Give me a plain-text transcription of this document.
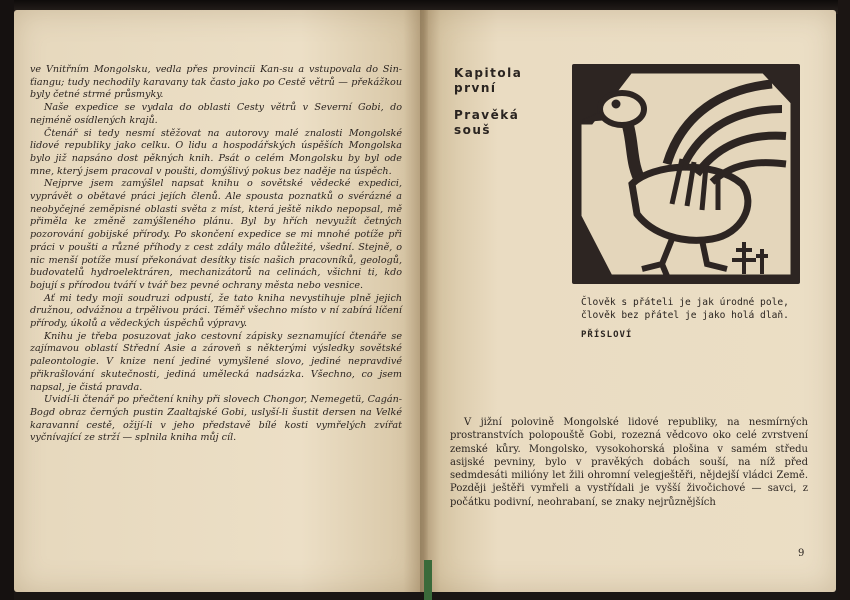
ve Vnitřním Mongolsku, vedla přes provincii Kan-su a vstupovala do Sin-ťiangu; tudy nechodily karavany tak často jako po Cestě větrů — překážkou byly četné strmé průsmyky.

Naše expedice se vydala do oblasti Cesty větrů v Severní Gobi, do nejméně osídlených krajů.

Čtenář si tedy nesmí stěžovat na autorovy malé znalosti Mongolské lidové republiky jako celku. O lidu a hospodářských úspěších Mongolska bylo již napsáno dost pěkných knih. Psát o celém Mongolsku by byl ode mne, který jsem pracoval v poušti, domýšlivý pokus bez naděje na úspěch.

Nejprve jsem zamýšlel napsat knihu o sovětské vědecké expedici, vyprávět o obětavé práci jejích členů. Ale spousta poznatků o svérázné a neobyčejné zeměpisné oblasti světa z míst, která ještě nikdo nepopsal, mě přiměla ke změně zamýšleného plánu. Byl by hřích nevyužít četných pozorování gobijské přírody. Po skončení expedice se mi mnohé potíže při práci v poušti a různé příhody z cest zdály málo důležité, všední. Stejně, o nic menší potíže musí překonávat desítky tisíc našich pracovníků, geologů, budovatelů hydroelektráren, mechanizátorů na celinách, všichni ti, kdo bojují s přírodou tváří v tvář bez pevné ochrany města nebo vesnice.

Ať mi tedy moji soudruzi odpustí, že tato kniha nevystihuje plně jejich družnou, odvážnou a trpělivou práci. Téměř všechno místo v ní zabírá líčení přírody, úkolů a vědeckých úspěchů výpravy.

Knihu je třeba posuzovat jako cestovní zápisky seznamující čtenáře se zajímavou oblastí Střední Asie a zároveň s některými výsledky sovětské paleontologie. V knize není jediné vymyšlené slovo, jediné nepravdivé přikrašlování skutečnosti, jediná umělecká nadsázka. Všechno, co jsem napsal, je čistá pravda.

Uvidí-li čtenář po přečtení knihy při slovech Chongor, Nemegetü, Cagán-Bogd obraz černých pustin Zaaltajské Gobi, uslyší-li šustit dersen na Velké karavanní cestě, ožijí-li v jeho představě bílé kosti vymřelých zvířat vyčnívající ze strží — splnila kniha můj cíl.

Kapitola první
Pravěká souš
Člověk s přáteli je jak úrodné pole,
člověk bez přátel je jako holá dlaň.
PŘÍSLOVÍ

V jižní polovině Mongolské lidové republiky, na nesmírných prostranstvích polopouště Gobi, rozezná vědcovo oko celé zvrstvení zemské kůry. Mongolsko, vysokohorská plošina v samém středu asijské pevniny, bylo v pravěkých dobách souší, na níž před sedmdesáti milióny let žili ohromní velegještěři, nějdejší vládci Země. Později ještěři vymřeli a vystřídali je vyšší živočichové — savci, z počátku podivní, neohrabaní, se znaky nejrůznějších

9
